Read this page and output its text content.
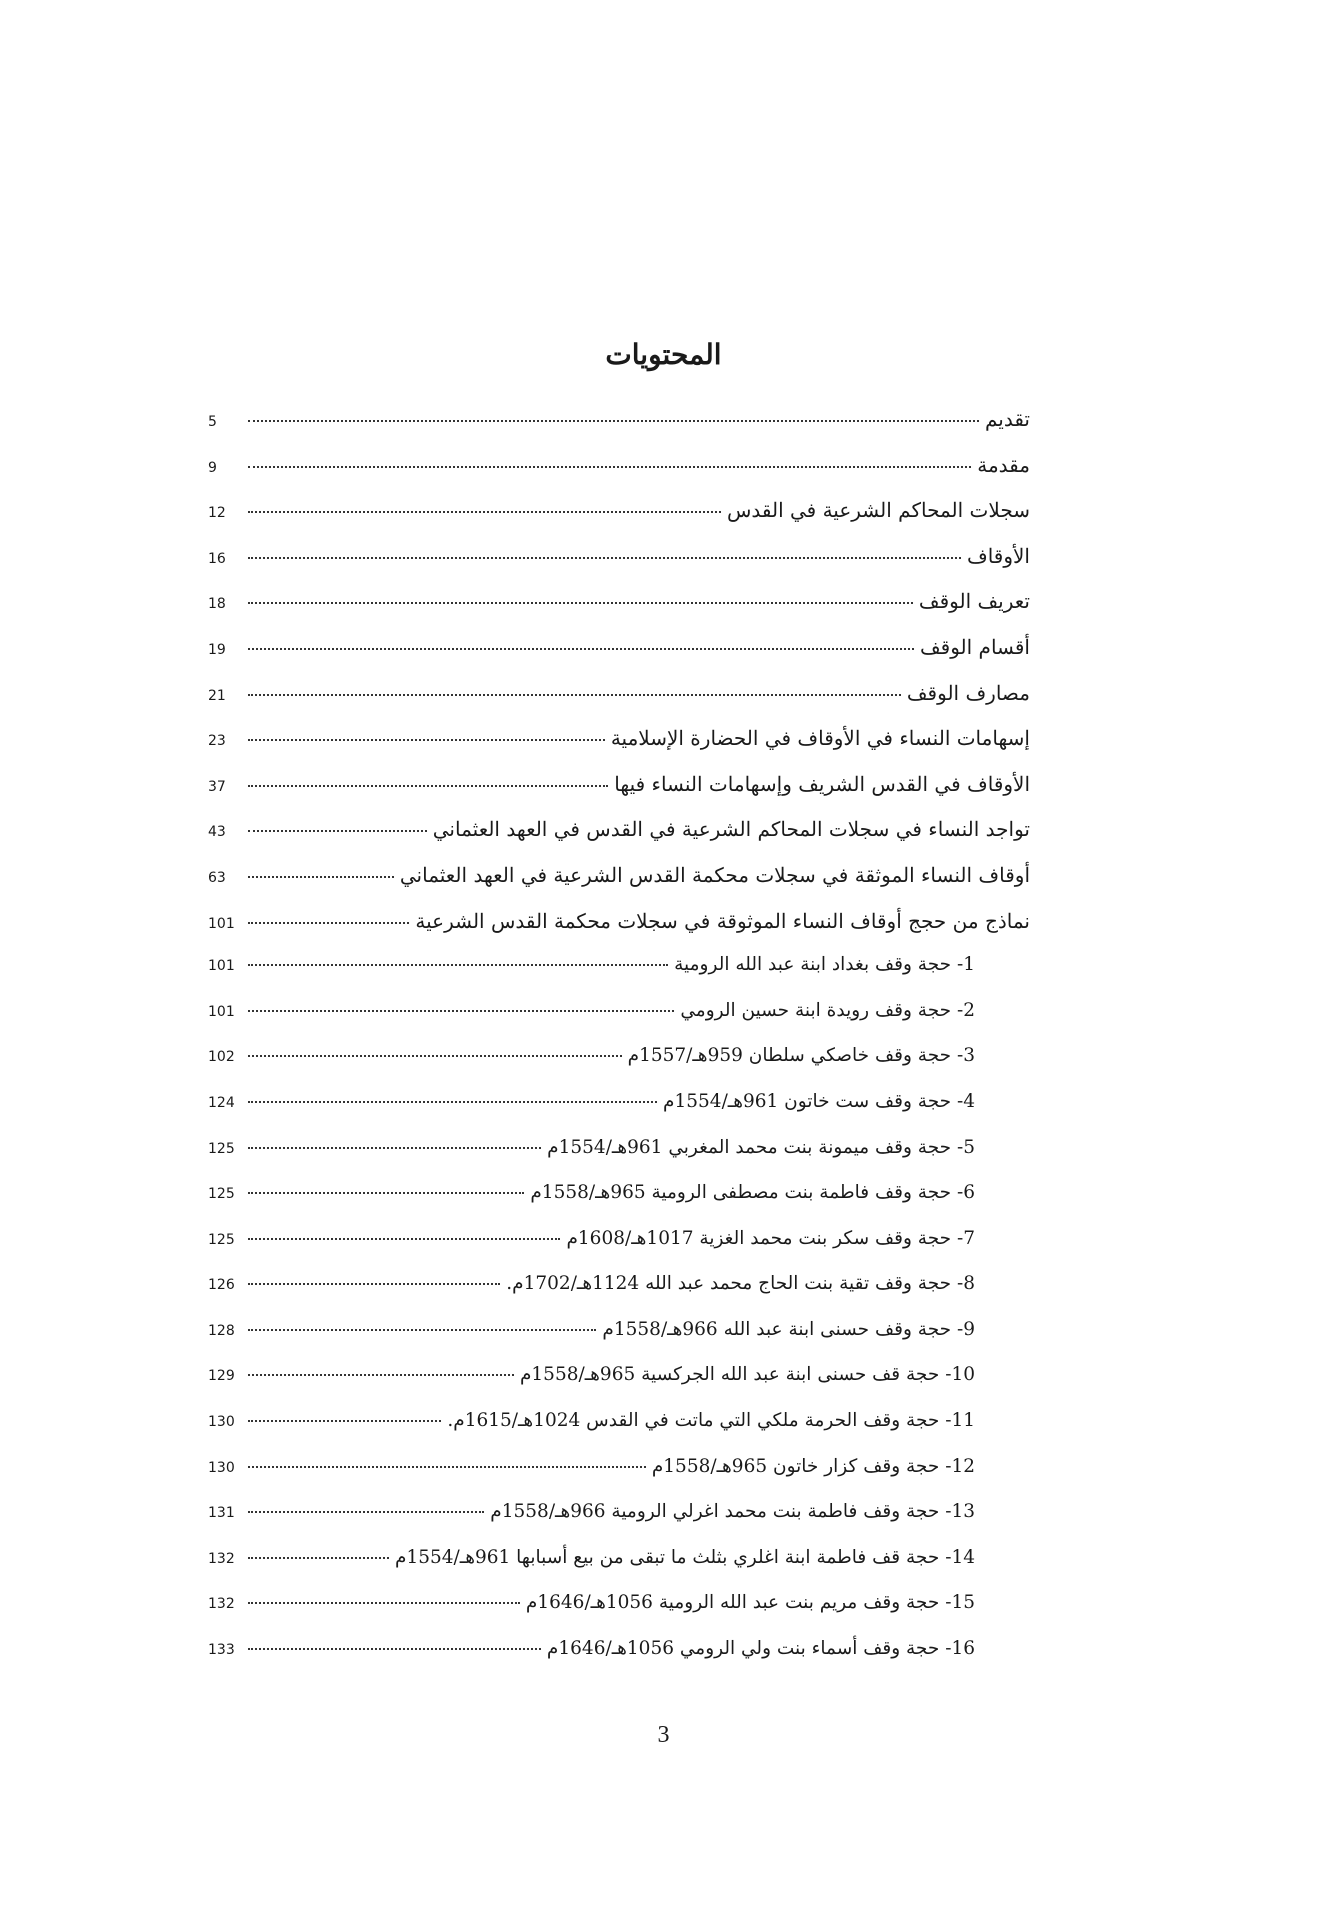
المحتويات
تقديم
5
مقدمة
9
سجلات المحاكم الشرعية في القدس
12
الأوقاف
16
تعريف الوقف
18
أقسام الوقف
19
مصارف الوقف
21
إسهامات النساء في الأوقاف في الحضارة الإسلامية
23
الأوقاف في القدس الشريف وإسهامات النساء فيها
37
تواجد النساء في سجلات المحاكم الشرعية في القدس في العهد العثماني
43
أوقاف النساء الموثقة في سجلات محكمة القدس الشرعية في العهد العثماني
63
نماذج من حجج أوقاف النساء الموثوقة في سجلات محكمة القدس الشرعية
101
1- حجة وقف بغداد ابنة عبد الله الرومية
101
2- حجة وقف رويدة ابنة حسين الرومي
101
3- حجة وقف خاصكي سلطان 959هـ/1557م
102
4- حجة وقف ست خاتون 961هـ/1554م
124
5- حجة وقف ميمونة بنت محمد المغربي 961هـ/1554م
125
6- حجة وقف فاطمة بنت مصطفى الرومية 965هـ/1558م
125
7- حجة وقف سكر بنت محمد الغزية 1017هـ/1608م
125
8- حجة وقف تقية بنت الحاج محمد عبد الله 1124هـ/1702م.
126
9- حجة وقف حسنى ابنة عبد الله 966هـ/1558م
128
10- حجة قف حسنى ابنة عبد الله الجركسية 965هـ/1558م
129
11- حجة وقف الحرمة ملكي التي ماتت في القدس 1024هـ/1615م.
130
12- حجة وقف كزار خاتون 965هـ/1558م
130
13- حجة وقف فاطمة بنت محمد اغرلي الرومية 966هـ/1558م
131
14- حجة قف فاطمة ابنة اغلري بثلث ما تبقى من بيع أسبابها 961هـ/1554م
132
15- حجة وقف مريم بنت عبد الله الرومية 1056هـ/1646م
132
16- حجة وقف أسماء بنت ولي الرومي 1056هـ/1646م
133
3
